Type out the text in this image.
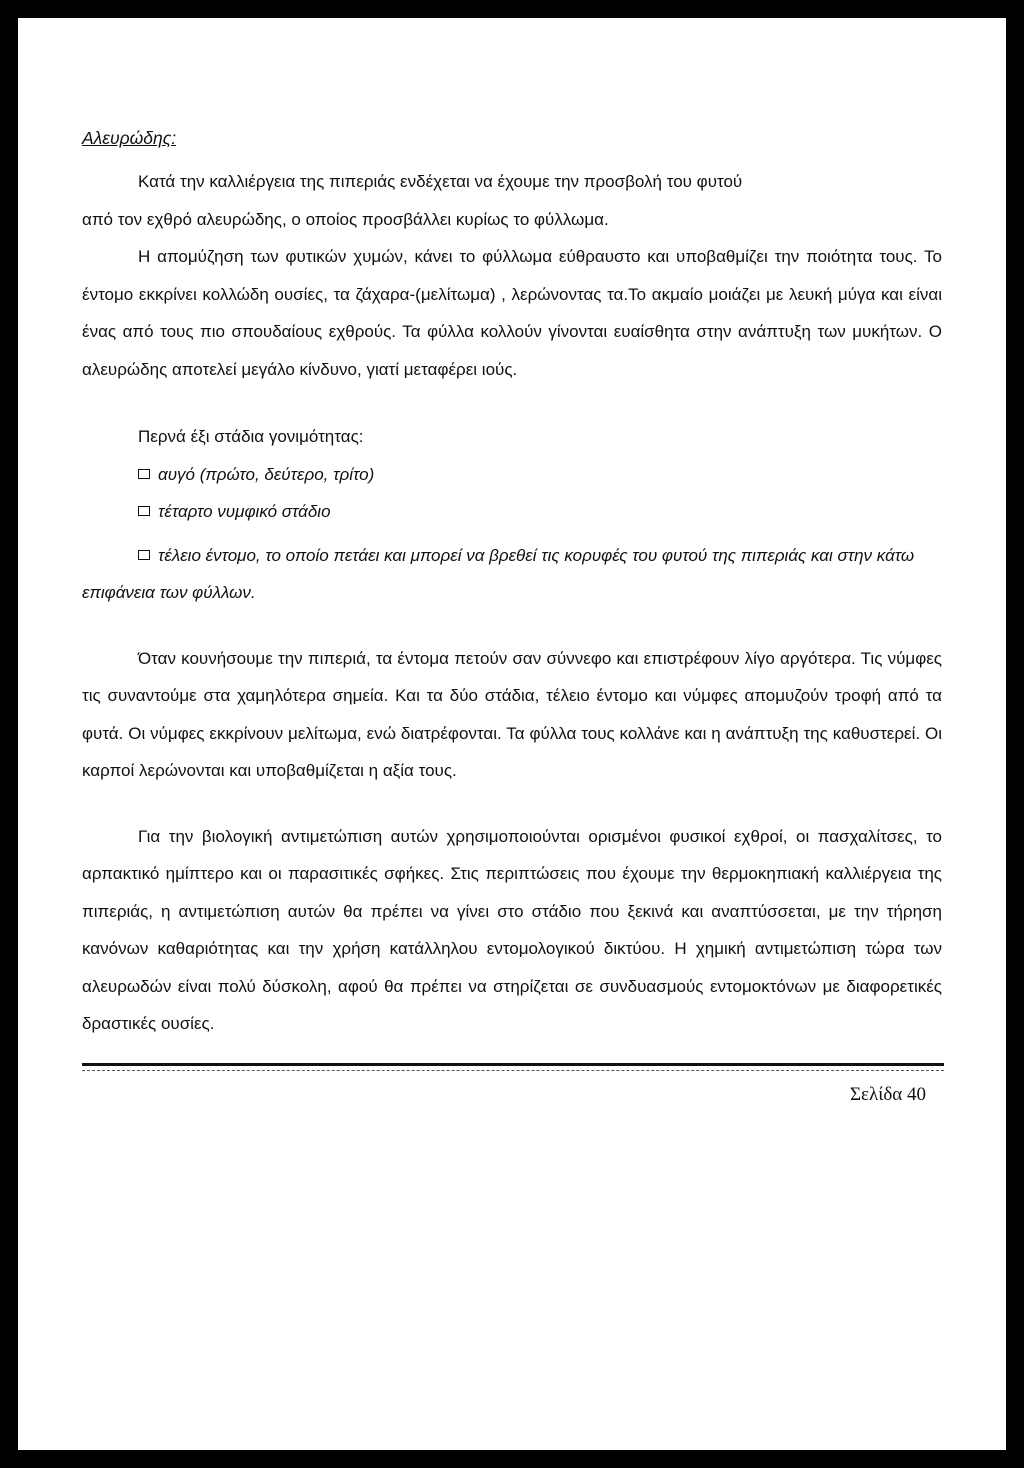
Αλευρώδης:

Κατά την καλλιέργεια της πιπεριάς ενδέχεται να έχουμε την προσβολή του φυτού

από τον εχθρό αλευρώδης, ο οποίος προσβάλλει κυρίως το φύλλωμα.

Η απομύζηση των φυτικών χυμών, κάνει το φύλλωμα εύθραυστο και υποβαθμίζει την ποιότητα τους. Το έντομο εκκρίνει κολλώδη ουσίες, τα ζάχαρα-(μελίτωμα) , λερώνοντας τα.Το ακμαίο μοιάζει με λευκή μύγα και είναι ένας από τους πιο σπουδαίους εχθρούς. Τα φύλλα κολλούν γίνονται ευαίσθητα στην ανάπτυξη των μυκήτων. Ο αλευρώδης αποτελεί μεγάλο κίνδυνο, γιατί μεταφέρει ιούς.

Περνά έξι στάδια γονιμότητας:

αυγό (πρώτο, δεύτερο, τρίτο)
τέταρτο νυμφικό στάδιο
τέλειο έντομο, το οποίο πετάει και μπορεί να βρεθεί τις κορυφές του φυτού της πιπεριάς και στην κάτω επιφάνεια των φύλλων.

Όταν κουνήσουμε την πιπεριά, τα έντομα πετούν σαν σύννεφο και επιστρέφουν λίγο αργότερα. Τις νύμφες τις συναντούμε στα χαμηλότερα σημεία. Και τα δύο στάδια, τέλειο έντομο και νύμφες απομυζούν τροφή από τα φυτά. Οι νύμφες εκκρίνουν μελίτωμα, ενώ διατρέφονται. Τα φύλλα τους κολλάνε και η ανάπτυξη της καθυστερεί. Οι καρποί λερώνονται και υποβαθμίζεται η αξία τους.

Για την βιολογική αντιμετώπιση αυτών χρησιμοποιούνται ορισμένοι φυσικοί εχθροί, οι πασχαλίτσες, το αρπακτικό ημίπτερο και οι παρασιτικές σφήκες. Στις περιπτώσεις που έχουμε την θερμοκηπιακή καλλιέργεια της πιπεριάς, η αντιμετώπιση αυτών θα πρέπει να γίνει στο στάδιο που ξεκινά και αναπτύσσεται, με την τήρηση κανόνων καθαριότητας και την χρήση κατάλληλου εντομολογικού δικτύου. Η χημική αντιμετώπιση τώρα των αλευρωδών είναι πολύ δύσκολη, αφού θα πρέπει να στηρίζεται σε συνδυασμούς εντομοκτόνων με διαφορετικές δραστικές ουσίες.

Σελίδα 40
